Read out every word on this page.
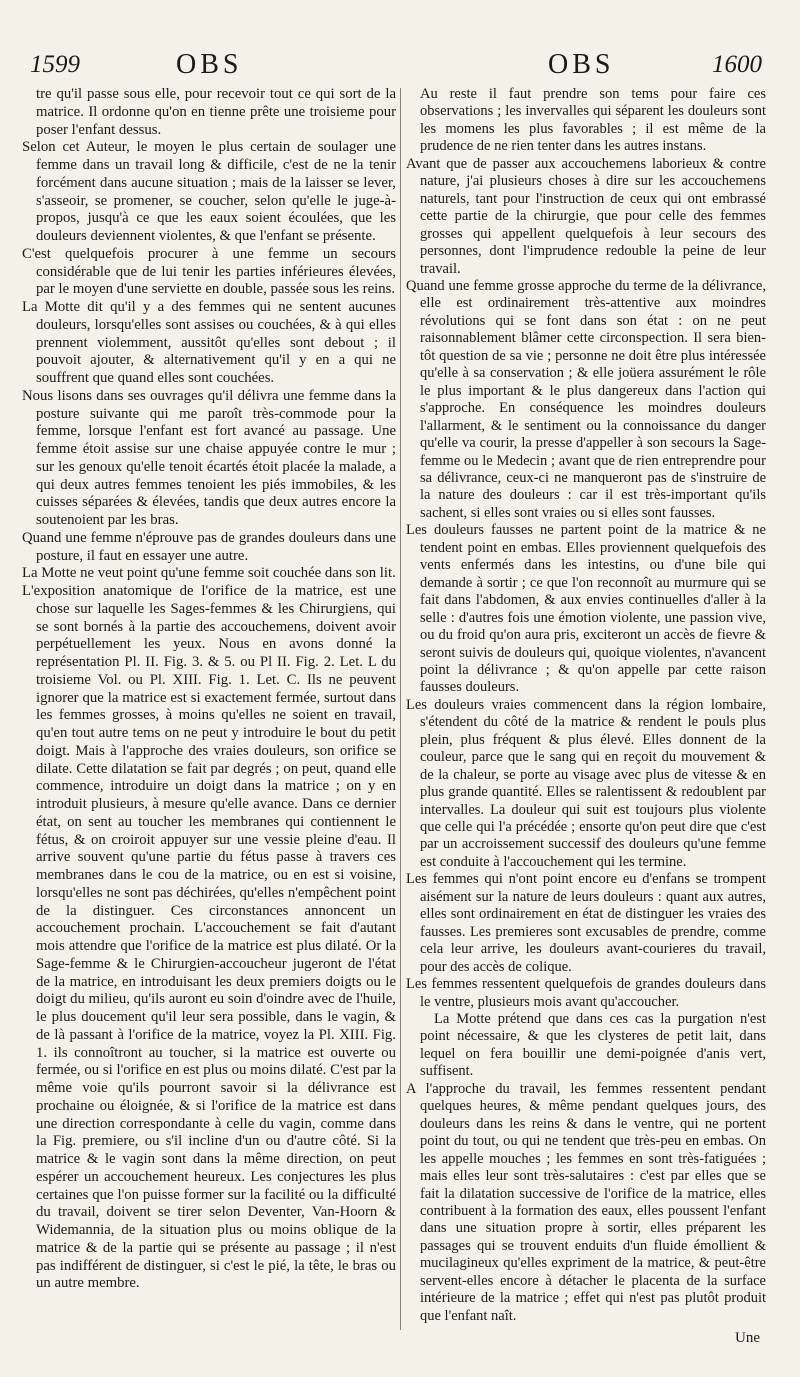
1599	OBS	OBS	1600

tre qu'il passe sous elle, pour recevoir tout ce qui sort de la matrice. Il ordonne qu'on en tienne prête une troisieme pour poser l'enfant dessus.

Selon cet Auteur, le moyen le plus certain de soulager une femme dans un travail long & difficile, c'est de ne la tenir forcément dans aucune situation ; mais de la laisser se lever, s'asseoir, se promener, se coucher, selon qu'elle le juge-à-propos, jusqu'à ce que les eaux soient écoulées, que les douleurs deviennent violentes, & que l'enfant se présente.

C'est quelquefois procurer à une femme un secours considérable que de lui tenir les parties inférieures élevées, par le moyen d'une serviette en double, passée sous les reins.

La Motte dit qu'il y a des femmes qui ne sentent aucunes douleurs, lorsqu'elles sont assises ou couchées, & à qui elles prennent violemment, aussitôt qu'elles sont debout ; il pouvoit ajouter, & alternativement qu'il y en a qui ne souffrent que quand elles sont couchées.

Nous lisons dans ses ouvrages qu'il délivra une femme dans la posture suivante qui me paroît très-commode pour la femme, lorsque l'enfant est fort avancé au passage. Une femme étoit assise sur une chaise appuyée contre le mur ; sur les genoux qu'elle tenoit écartés étoit placée la malade, a qui deux autres femmes tenoient les piés immobiles, & les cuisses séparées & élevées, tandis que deux autres encore la soutenoient par les bras.

Quand une femme n'éprouve pas de grandes douleurs dans une posture, il faut en essayer une autre.

La Motte ne veut point qu'une femme soit couchée dans son lit.

L'exposition anatomique de l'orifice de la matrice, est une chose sur laquelle les Sages-femmes & les Chirurgiens, qui se sont bornés à la partie des accouchemens, doivent avoir perpétuellement les yeux. Nous en avons donné la représentation Pl. II. Fig. 3. & 5. ou Pl II. Fig. 2. Let. L du troisieme Vol. ou Pl. XIII. Fig. 1. Let. C. Ils ne peuvent ignorer que la matrice est si exactement fermée, surtout dans les femmes grosses, à moins qu'elles ne soient en travail, qu'en tout autre tems on ne peut y introduire le bout du petit doigt. Mais à l'approche des vraies douleurs, son orifice se dilate. Cette dilatation se fait par degrés ; on peut, quand elle commence, introduire un doigt dans la matrice ; on y en introduit plusieurs, à mesure qu'elle avance. Dans ce dernier état, on sent au toucher les membranes qui contiennent le fétus, & on croiroit appuyer sur une vessie pleine d'eau. Il arrive souvent qu'une partie du fétus passe à travers ces membranes dans le cou de la matrice, ou en est si voisine, lorsqu'elles ne sont pas déchirées, qu'elles n'empêchent point de la distinguer. Ces circonstances annoncent un accouchement prochain. L'accouchement se fait d'autant mois attendre que l'orifice de la matrice est plus dilaté. Or la Sage-femme & le Chirurgien-accoucheur jugeront de l'état de la matrice, en introduisant les deux premiers doigts ou le doigt du milieu, qu'ils auront eu soin d'oindre avec de l'huile, le plus doucement qu'il leur sera possible, dans le vagin, & de là passant à l'orifice de la matrice, voyez la Pl. XIII. Fig. 1. ils connoîtront au toucher, si la matrice est ouverte ou fermée, ou si l'orifice en est plus ou moins dilaté. C'est par la même voie qu'ils pourront savoir si la délivrance est prochaine ou éloignée, & si l'orifice de la matrice est dans une direction correspondante à celle du vagin, comme dans la Fig. premiere, ou s'il incline d'un ou d'autre côté. Si la matrice & le vagin sont dans la même direction, on peut espérer un accouchement heureux. Les conjectures les plus certaines que l'on puisse former sur la facilité ou la difficulté du travail, doivent se tirer selon Deventer, Van-Hoorn & Widemannia, de la situation plus ou moins oblique de la matrice & de la partie qui se présente au passage ; il n'est pas indifférent de distinguer, si c'est le pié, la tête, le bras ou un autre membre.

Au reste il faut prendre son tems pour faire ces observations ; les invervalles qui séparent les douleurs sont les momens les plus favorables ; il est même de la prudence de ne rien tenter dans les autres instans.

Avant que de passer aux accouchemens laborieux & contre nature, j'ai plusieurs choses à dire sur les accouchemens naturels, tant pour l'instruction de ceux qui ont embrassé cette partie de la chirurgie, que pour celle des femmes grosses qui appellent quelquefois à leur secours des personnes, dont l'imprudence redouble la peine de leur travail.

Quand une femme grosse approche du terme de la délivrance, elle est ordinairement très-attentive aux moindres révolutions qui se font dans son état : on ne peut raisonnablement blâmer cette circonspection. Il sera bien-tôt question de sa vie ; personne ne doit être plus intéressée qu'elle à sa conservation ; & elle joüera assurément le rôle le plus important & le plus dangereux dans l'action qui s'approche. En conséquence les moindres douleurs l'allarment, & le sentiment ou la connoissance du danger qu'elle va courir, la presse d'appeller à son secours la Sage-femme ou le Medecin ; avant que de rien entreprendre pour sa délivrance, ceux-ci ne manqueront pas de s'instruire de la nature des douleurs : car il est très-important qu'ils sachent, si elles sont vraies ou si elles sont fausses.

Les douleurs fausses ne partent point de la matrice & ne tendent point en embas. Elles proviennent quelquefois des vents enfermés dans les intestins, ou d'une bile qui demande à sortir ; ce que l'on reconnoît au murmure qui se fait dans l'abdomen, & aux envies continuelles d'aller à la selle : d'autres fois une émotion violente, une passion vive, ou du froid qu'on aura pris, exciteront un accès de fievre & seront suivis de douleurs qui, quoique violentes, n'avancent point la délivrance ; & qu'on appelle par cette raison fausses douleurs.

Les douleurs vraies commencent dans la région lombaire, s'étendent du côté de la matrice & rendent le pouls plus plein, plus fréquent & plus élevé. Elles donnent de la couleur, parce que le sang qui en reçoit du mouvement & de la chaleur, se porte au visage avec plus de vitesse & en plus grande quantité. Elles se ralentissent & redoublent par intervalles. La douleur qui suit est toujours plus violente que celle qui l'a précédée ; ensorte qu'on peut dire que c'est par un accroissement successif des douleurs qu'une femme est conduite à l'accouchement qui les termine.

Les femmes qui n'ont point encore eu d'enfans se trompent aisément sur la nature de leurs douleurs : quant aux autres, elles sont ordinairement en état de distinguer les vraies des fausses. Les premieres sont excusables de prendre, comme cela leur arrive, les douleurs avant-courieres du travail, pour des accès de colique.

Les femmes ressentent quelquefois de grandes douleurs dans le ventre, plusieurs mois avant qu'accoucher.

La Motte prétend que dans ces cas la purgation n'est point nécessaire, & que les clysteres de petit lait, dans lequel on fera bouillir une demi-poignée d'anis vert, suffisent.

A l'approche du travail, les femmes ressentent pendant quelques heures, & même pendant quelques jours, des douleurs dans les reins & dans le ventre, qui ne portent point du tout, ou qui ne tendent que très-peu en embas. On les appelle mouches ; les femmes en sont très-fatiguées ; mais elles leur sont très-salutaires : c'est par elles que se fait la dilatation successive de l'orifice de la matrice, elles contribuent à la formation des eaux, elles poussent l'enfant dans une situation propre à sortir, elles préparent les passages qui se trouvent enduits d'un fluide émollient & mucilagineux qu'elles expriment de la matrice, & peut-être servent-elles encore à détacher le placenta de la surface intérieure de la matrice ; effet qui n'est pas plutôt produit que l'enfant naît.

Une
